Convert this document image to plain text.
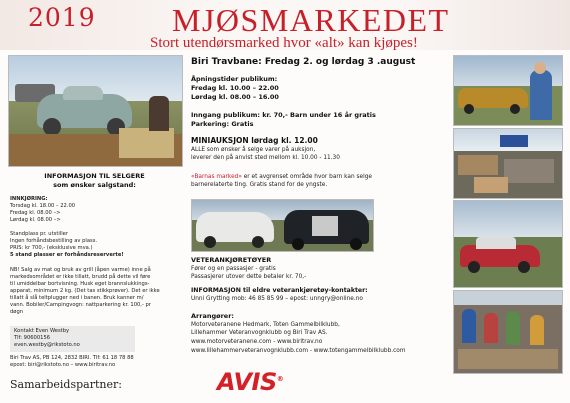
2019 MJØSMARKEDET
Stort utendørsmarked hvor «alt» kan kjøpes!
Biri Travbane: Fredag 2. og lørdag 3 .august
Åpningstider publikum:
Fredag kl. 10.00 – 22.00
Lørdag kl. 08.00 – 16.00
Inngang publikum: kr. 70,- Barn under 16 år gratis
Parkering: Gratis
MINIAUKSJON lørdag kl. 12.00
ALLE som ønsker å selge varer på auksjon,
leverer den på anvist sted mellom kl. 10.00 - 11.30
«Barnas marked» er et avgrenset område hvor barn kan selge
barnerelaterte ting. Gratis stand for de yngste.
VETERANKJØRETØYER
Fører og en passasjer - gratis
Passasjerer utover dette betaler kr. 70,-
INFORMASJON til eldre veterankjøretøy-kontakter:
Unni Grytting mob: 46 85 85 99 – epost: unngry@online.no
Arrangører:
Motorveteranene Hedmark, Toten Gammelbilklubb,
Lillehammer Veteranvognklubb og Biri Trav AS.
www.motorveteranene.com - www.biritrav.no
www.lillehammerveteranvognklubb.com - www.totengammelbilklubb.com
INFORMASJON TIL SELGERE
som ønsker salgstand:
INNKJØRING:
Torsdag kl. 18.00 – 22.00
Fredag kl. 08.00 –>
Lørdag kl. 08.00 –>
Standplass pr. utstiller
Ingen forhåndsbestilling av plass.
PRIS: kr 700,- (eksklusive mva.)
5 stand plasser er forhåndsreserverte!
NB! Salg av mat og bruk av grill (åpen varme) inne på
markedsområdet er ikke tillatt, brudd på dette vil føre
til umiddelbar bortvisning. Husk eget brannslukkings-
apparat, minimum 2 kg. (Det tas stikkprøver). Det er ikke
tillatt å slå teltplugger ned i banen. Bruk kanner m/
vann. Bobiler/Campingvogn: nattparkering kr. 100,- pr
døgn
Kontakt Even Westby
Tlf: 90600156
even.westby@rikstoto.no
Biri Trav AS, PB 124, 2832 BIRI. Tlf: 61 18 78 88
epost: biri@rikstoto.no – www.biritrav.no
Samarbeidspartner:	AVIS®
